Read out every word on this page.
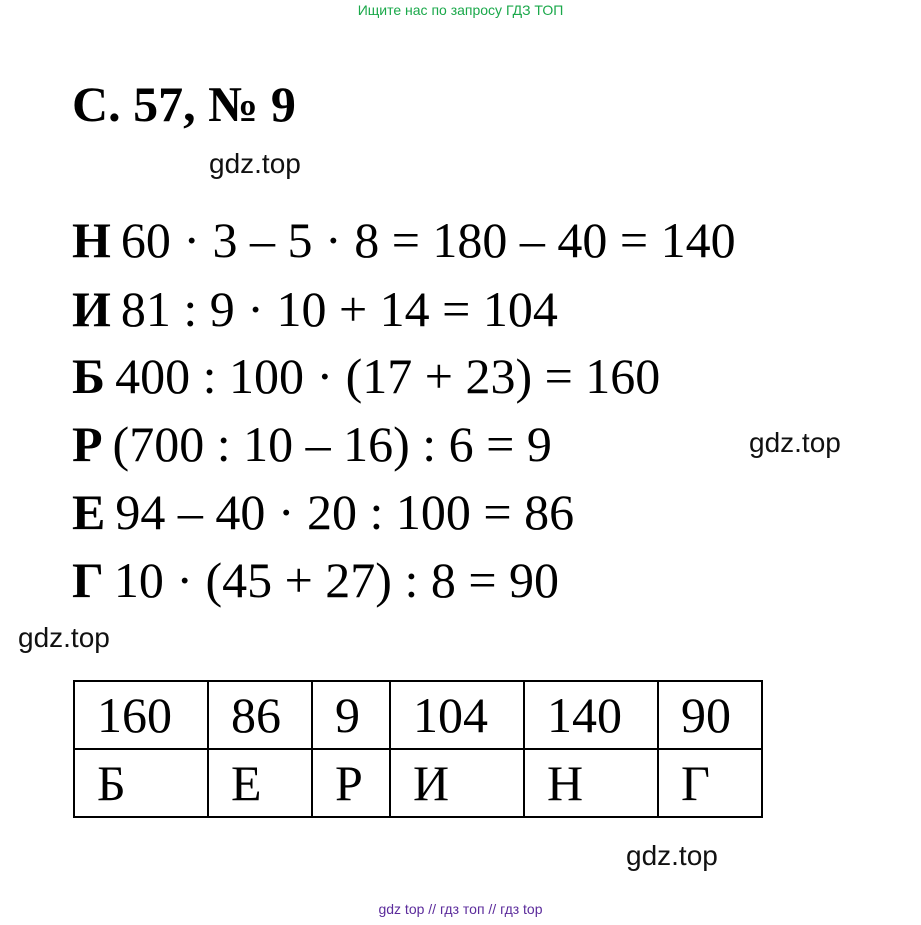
Ищите нас по запросу ГДЗ ТОП
С. 57, № 9
gdz.top
Н 60 · 3 – 5 · 8 = 180 – 40 = 140
И 81 : 9 · 10 + 14 = 104
Б 400 : 100 · (17 + 23) = 160
Р (700 : 10 – 16) : 6 = 9
Е 94 – 40 · 20 : 100 = 86
Г 10 · (45 + 27) : 8 = 90
gdz.top
gdz.top
160	86	9	104	140	90
Б	Е	Р	И	Н	Г
gdz.top
gdz top // гдз топ // гдз top
